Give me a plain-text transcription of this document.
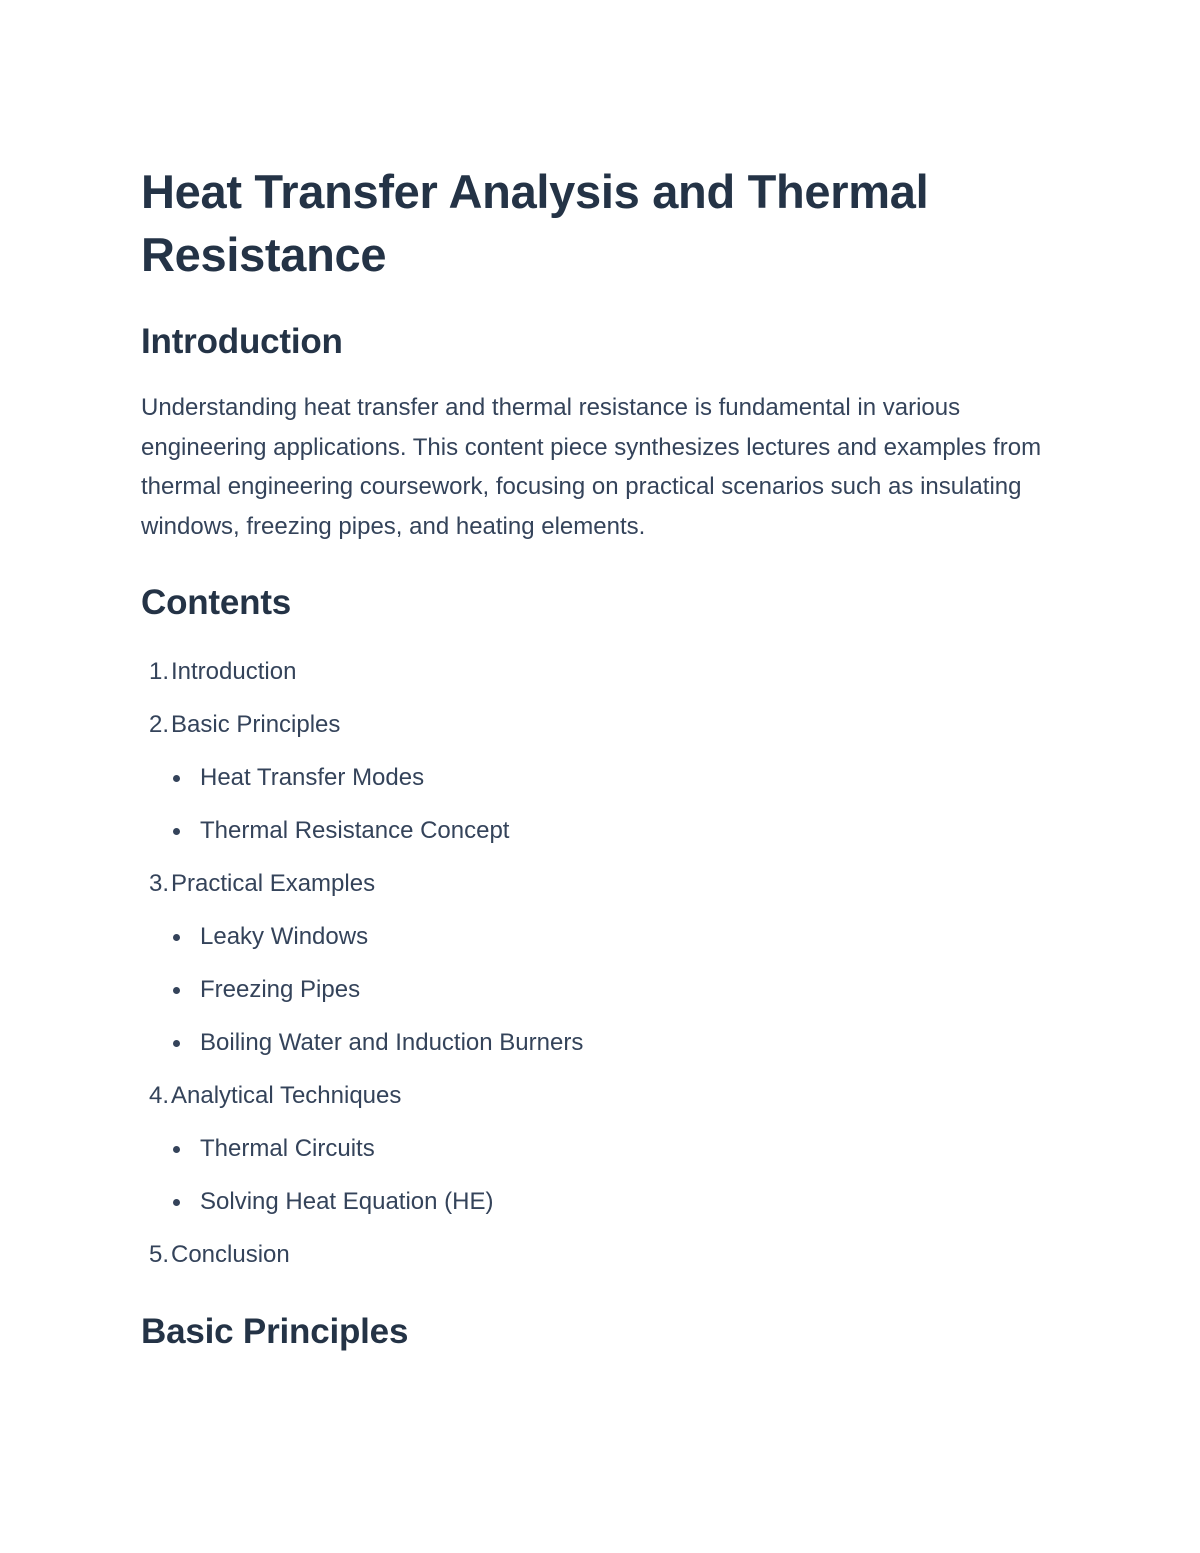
Heat Transfer Analysis and Thermal Resistance
Introduction

Understanding heat transfer and thermal resistance is fundamental in various engineering applications. This content piece synthesizes lectures and examples from thermal engineering coursework, focusing on practical scenarios such as insulating windows, freezing pipes, and heating elements.

Contents
1.Introduction
2.Basic Principles
Heat Transfer Modes
Thermal Resistance Concept
3.Practical Examples
Leaky Windows
Freezing Pipes
Boiling Water and Induction Burners
4.Analytical Techniques
Thermal Circuits
Solving Heat Equation (HE)
5.Conclusion
Basic Principles
